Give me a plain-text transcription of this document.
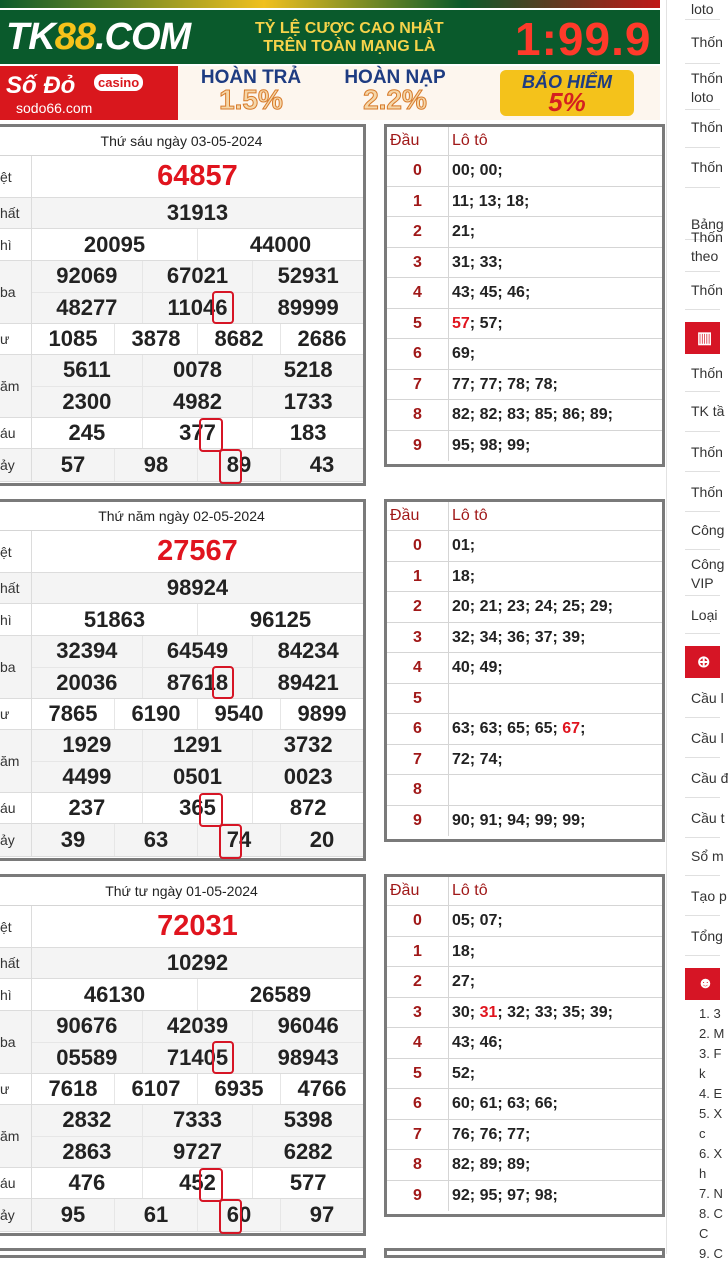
TK88.COM	TỶ LỆ CƯỢC CAO NHẤT
TRÊN TOÀN MẠNG LÀ 1:99.9
Số Đỏ	casino
sodo66.com
HOÀN TRẢ
1.5%
HOÀN NẠP
2.2%
BẢO HIỂM
5%
Thứ sáu ngày 03-05-2024
ệt	64857
hất	31913
hì	20095	44000
ba
92069	67021	52931
48277	11046	89999
ư	1085	3878	8682	2686
ăm
5611	0078	5218
2300	4982	1733
áu	245	377	183
ảy	57	98	89	43
Đầu	Lô tô
0	00; 00;
1	11; 13; 18;
2	21;
3	31; 33;
4	43; 45; 46;
5	57; 57;
6	69;
7	77; 77; 78; 78;
8	82; 82; 83; 85; 86; 89;
9	95; 98; 99;
Thứ năm ngày 02-05-2024
ệt	27567
hất	98924
hì	51863	96125
ba
32394	64549	84234
20036	87618	89421
ư	7865	6190	9540	9899
ăm
1929	1291	3732
4499	0501	0023
áu	237	365	872
ảy	39	63	74	20
Đầu	Lô tô
0	01;
1	18;
2	20; 21; 23; 24; 25; 29;
3	32; 34; 36; 37; 39;
4	40; 49;
5
6	63; 63; 65; 65; 67;
7	72; 74;
8
9	90; 91; 94; 99; 99;
Thứ tư ngày 01-05-2024
ệt	72031
hất	10292
hì	46130	26589
ba
90676	42039	96046
05589	71405	98943
ư	7618	6107	6935	4766
ăm
2832	7333	5398
2863	9727	6282
áu	476	452	577
ảy	95	61	60	97
Đầu	Lô tô
0	05; 07;
1	18;
2	27;
3	30; 31; 32; 33; 35; 39;
4	43; 46;
5	52;
6	60; 61; 63; 66;
7	76; 76; 77;
8	82; 89; 89;
9	92; 95; 97; 98;
loto
Thốn
Thốn
loto
Thốn
Thốn
Bảng
Thốn
theo
Thốn
▥
Thốn
TK tầ
Thốn
Thốn
Công
Công
VIP
Loại
⊕
Cầu l
Cầu l
Cầu đ
Cầu t
Sổ m
Tạo p
Tổng
☻
1. 3
2. M
3. F
k
4. E
5. X
c
6. X
h
7. N
8. C
C
9. C
